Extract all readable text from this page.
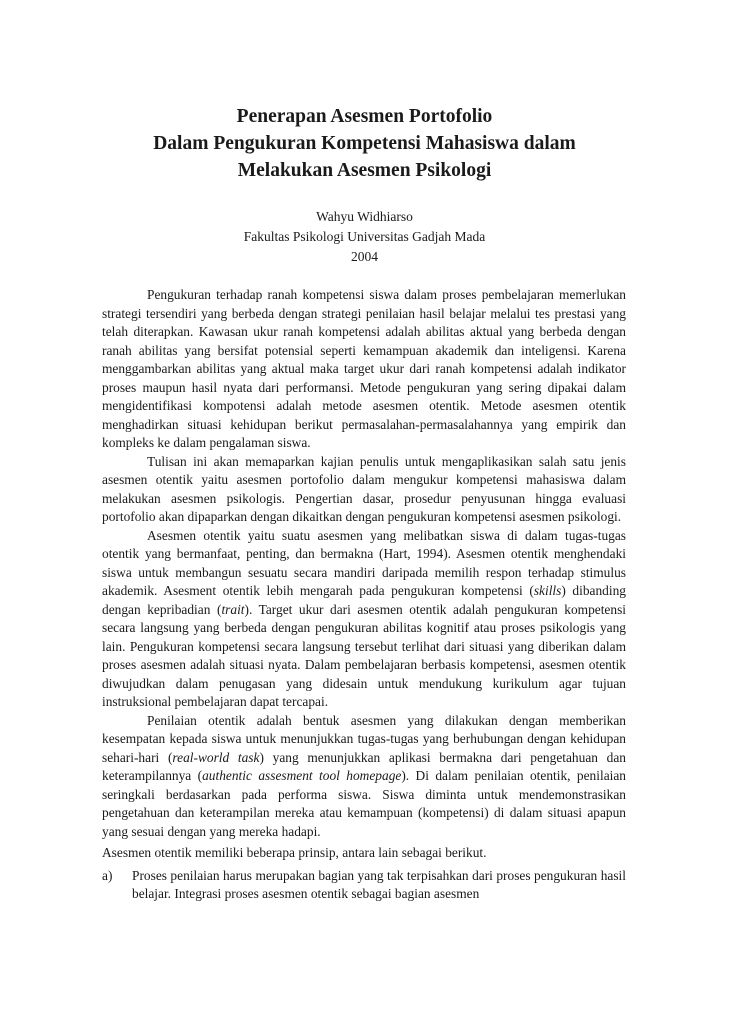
Penerapan Asesmen Portofolio
Dalam Pengukuran Kompetensi Mahasiswa dalam
Melakukan Asesmen Psikologi
Wahyu Widhiarso
Fakultas Psikologi Universitas Gadjah Mada
2004

Pengukuran terhadap ranah kompetensi siswa dalam proses pembelajaran memerlukan strategi tersendiri yang berbeda dengan strategi penilaian hasil belajar melalui tes prestasi yang telah diterapkan. Kawasan ukur ranah kompetensi adalah abilitas aktual yang berbeda dengan ranah abilitas yang bersifat potensial seperti kemampuan akademik dan inteligensi. Karena menggambarkan abilitas yang aktual maka target ukur dari ranah kompetensi adalah indikator proses maupun hasil nyata dari performansi. Metode pengukuran yang sering dipakai dalam mengidentifikasi kompotensi adalah metode asesmen otentik. Metode asesmen otentik menghadirkan situasi kehidupan berikut permasalahan-permasalahannya yang empirik dan kompleks ke dalam pengalaman siswa.

Tulisan ini akan memaparkan kajian penulis untuk mengaplikasikan salah satu jenis asesmen otentik yaitu asesmen portofolio dalam mengukur kompetensi mahasiswa dalam melakukan asesmen psikologis. Pengertian dasar, prosedur penyusunan hingga evaluasi portofolio akan dipaparkan dengan dikaitkan dengan pengukuran kompetensi asesmen psikologi.

Asesmen otentik yaitu suatu asesmen yang melibatkan siswa di dalam tugas-tugas otentik yang bermanfaat, penting, dan bermakna (Hart, 1994). Asesmen otentik menghendaki siswa untuk membangun sesuatu secara mandiri daripada memilih respon terhadap stimulus akademik. Asesment otentik lebih mengarah pada pengukuran kompetensi (skills) dibanding dengan kepribadian (trait). Target ukur dari asesmen otentik adalah pengukuran kompetensi secara langsung yang berbeda dengan pengukuran abilitas kognitif atau proses psikologis yang lain. Pengukuran kompetensi secara langsung tersebut terlihat dari situasi yang diberikan dalam proses asesmen adalah situasi nyata. Dalam pembelajaran berbasis kompetensi, asesmen otentik diwujudkan dalam penugasan yang didesain untuk mendukung kurikulum agar tujuan instruksional pembelajaran dapat tercapai.

Penilaian otentik adalah bentuk asesmen yang dilakukan dengan memberikan kesempatan kepada siswa untuk menunjukkan tugas-tugas yang berhubungan dengan kehidupan sehari-hari (real-world task) yang menunjukkan aplikasi bermakna dari pengetahuan dan keterampilannya (authentic assesment tool homepage). Di dalam penilaian otentik, penilaian seringkali berdasarkan pada performa siswa. Siswa diminta untuk mendemonstrasikan pengetahuan dan keterampilan mereka atau kemampuan (kompetensi) di dalam situasi apapun yang sesuai dengan yang mereka hadapi.

Asesmen otentik memiliki beberapa prinsip, antara lain sebagai berikut.

a) Proses penilaian harus merupakan bagian yang tak terpisahkan dari proses pengukuran hasil belajar. Integrasi proses asesmen otentik sebagai bagian asesmen
